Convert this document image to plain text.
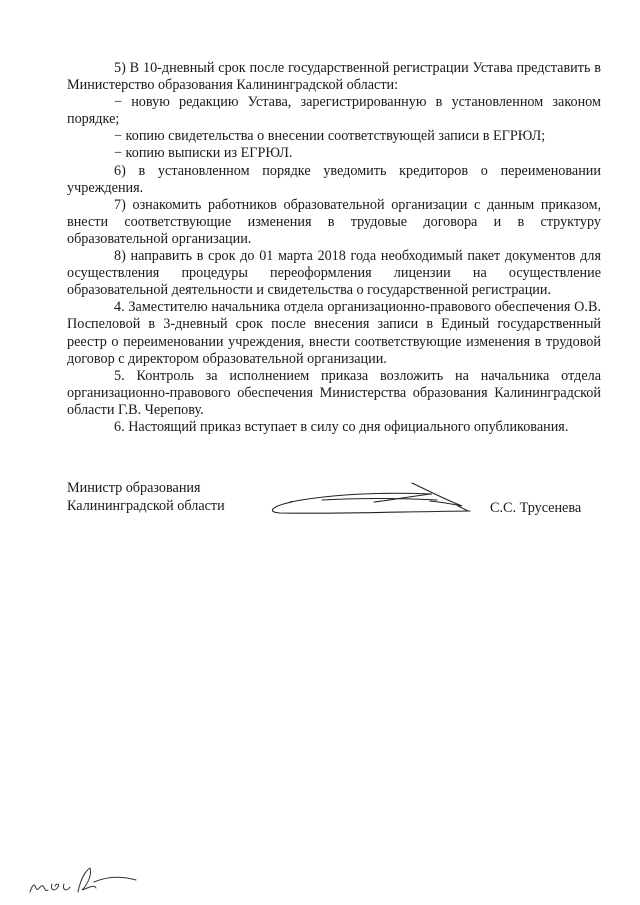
5) В 10-дневный срок после государственной регистрации Устава представить в Министерство образования Калининградской области:

− новую редакцию Устава, зарегистрированную в установленном законом порядке;

− копию свидетельства о внесении соответствующей записи в ЕГРЮЛ;

− копию выписки из ЕГРЮЛ.

6) в установленном порядке уведомить кредиторов о переименовании учреждения.

7) ознакомить работников образовательной организации с данным приказом, внести соответствующие изменения в трудовые договора и в структуру образовательной организации.

8) направить в срок до 01 марта 2018 года необходимый пакет документов для осуществления процедуры переоформления лицензии на осуществление образовательной деятельности и свидетельства о государственной регистрации.

4. Заместителю начальника отдела организационно-правового обеспечения О.В. Поспеловой в 3-дневный срок после внесения записи в Единый государственный реестр о переименовании учреждения, внести соответствующие изменения в трудовой договор с директором образовательной организации.

5. Контроль за исполнением приказа возложить на начальника отдела организационно-правового обеспечения Министерства образования Калининградской области Г.В. Черепову.

6. Настоящий приказ вступает в силу со дня официального опубликования.

Министр образования
Калининградской области	С.С. Трусенева
